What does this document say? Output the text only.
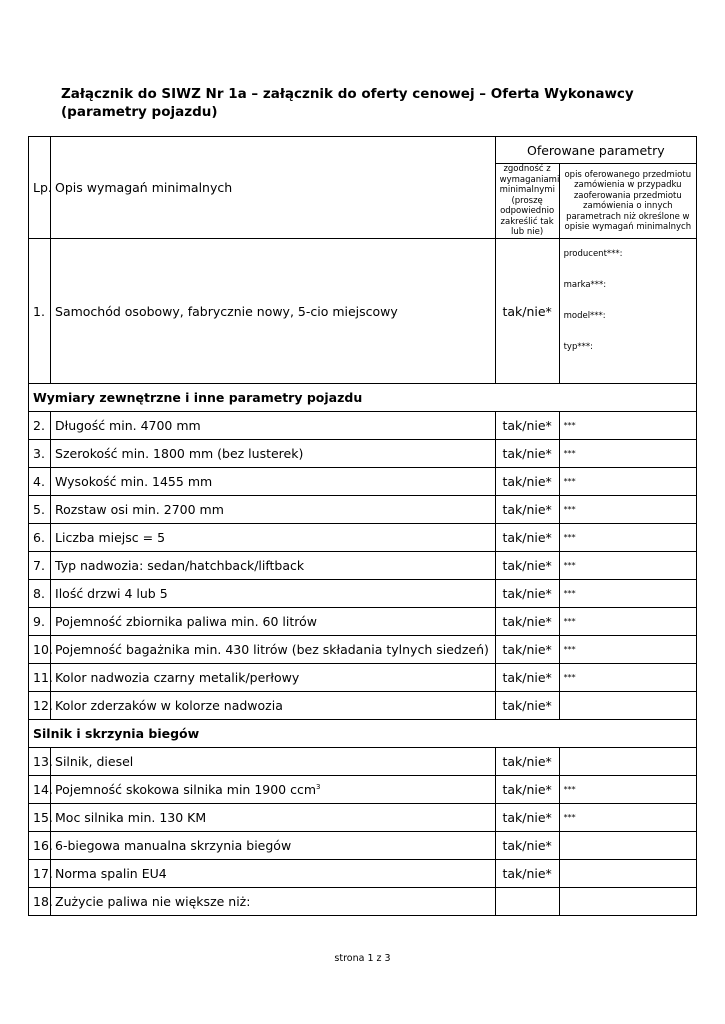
Załącznik do SIWZ Nr 1a – załącznik do oferty cenowej – Oferta Wykonawcy
(parametry pojazdu)
Lp.	Opis wymagań minimalnych	Oferowane parametry	
		zgodność z wymaganiami minimalnymi (proszę odpowiednio zakreślić tak lub nie)	opis oferowanego przedmiotu zamówienia w przypadku zaoferowania przedmiotu zamówienia o innych parametrach niż określone w opisie wymagań minimalnych
1.	Samochód osobowy, fabrycznie nowy, 5-cio miejscowy	tak/nie*	producent***:
marka***:
model***:
typ***:

Wymiary zewnętrzne i inne parametry pojazdu			
2.	Długość min. 4700 mm	tak/nie*	***
3.	Szerokość min. 1800 mm (bez lusterek)	tak/nie*	***
4.	Wysokość min. 1455 mm	tak/nie*	***
5.	Rozstaw osi min. 2700 mm	tak/nie*	***
6.	Liczba miejsc = 5	tak/nie*	***
7.	Typ nadwozia: sedan/hatchback/liftback	tak/nie*	***
8.	Ilość drzwi 4 lub 5	tak/nie*	***
9.	Pojemność zbiornika paliwa min. 60 litrów	tak/nie*	***
10.	Pojemność bagażnika min. 430 litrów (bez składania tylnych siedzeń)	tak/nie*	***
11.	Kolor nadwozia czarny metalik/perłowy	tak/nie*	***
12.	Kolor zderzaków w kolorze nadwozia	tak/nie*	
Silnik i skrzynia biegów			
13.	Silnik, diesel	tak/nie*	
14.	Pojemność skokowa silnika min 1900 ccm$^3$	tak/nie*	***
15.	Moc silnika min. 130 KM	tak/nie*	***
16.	6-biegowa manualna skrzynia biegów	tak/nie*	
17.	Norma spalin EU4	tak/nie*	
18.	Zużycie paliwa nie większe niż:		
strona 1 z 3
